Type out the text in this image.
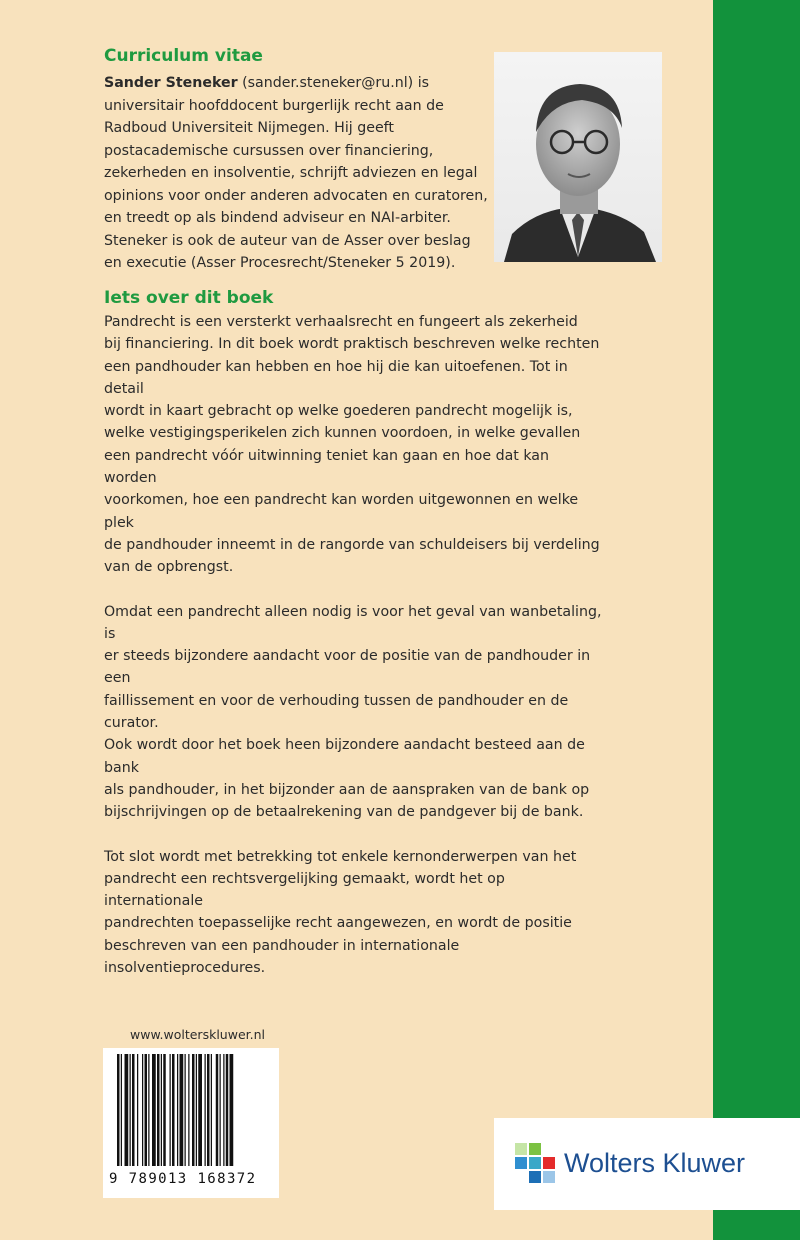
Curriculum vitae
Sander Steneker (sander.steneker@ru.nl) is universitair hoofddocent burgerlijk recht aan de Radboud Universiteit Nijmegen. Hij geeft postacademische cursussen over financiering, zekerheden en insolventie, schrijft adviezen en legal opinions voor onder anderen advocaten en curatoren, en treedt op als bindend adviseur en NAI-arbiter. Steneker is ook de auteur van de Asser over beslag en executie (Asser Procesrecht/Steneker 5 2019).
Iets over dit boek

Pandrecht is een versterkt verhaalsrecht en fungeert als zekerheid
bij financiering. In dit boek wordt praktisch beschreven welke rechten
een pandhouder kan hebben en hoe hij die kan uitoefenen. Tot in detail
wordt in kaart gebracht op welke goederen pandrecht mogelijk is,
welke vestigingsperikelen zich kunnen voordoen, in welke gevallen
een pandrecht vóór uitwinning teniet kan gaan en hoe dat kan worden
voorkomen, hoe een pandrecht kan worden uitgewonnen en welke plek
de pandhouder inneemt in de rangorde van schuldeisers bij verdeling
van de opbrengst.

Omdat een pandrecht alleen nodig is voor het geval van wanbetaling, is
er steeds bijzondere aandacht voor de positie van de pandhouder in een
faillissement en voor de verhouding tussen de pandhouder en de curator.
Ook wordt door het boek heen bijzondere aandacht besteed aan de bank
als pandhouder, in het bijzonder aan de aanspraken van de bank op
bijschrijvingen op de betaalrekening van de pandgever bij de bank.

Tot slot wordt met betrekking tot enkele kernonderwerpen van het
pandrecht een rechtsvergelijking gemaakt, wordt het op internationale
pandrechten toepasselijke recht aangewezen, en wordt de positie
beschreven van een pandhouder in internationale insolventieprocedures.

www.wolterskluwer.nl
9 789013 168372
Wolters Kluwer
